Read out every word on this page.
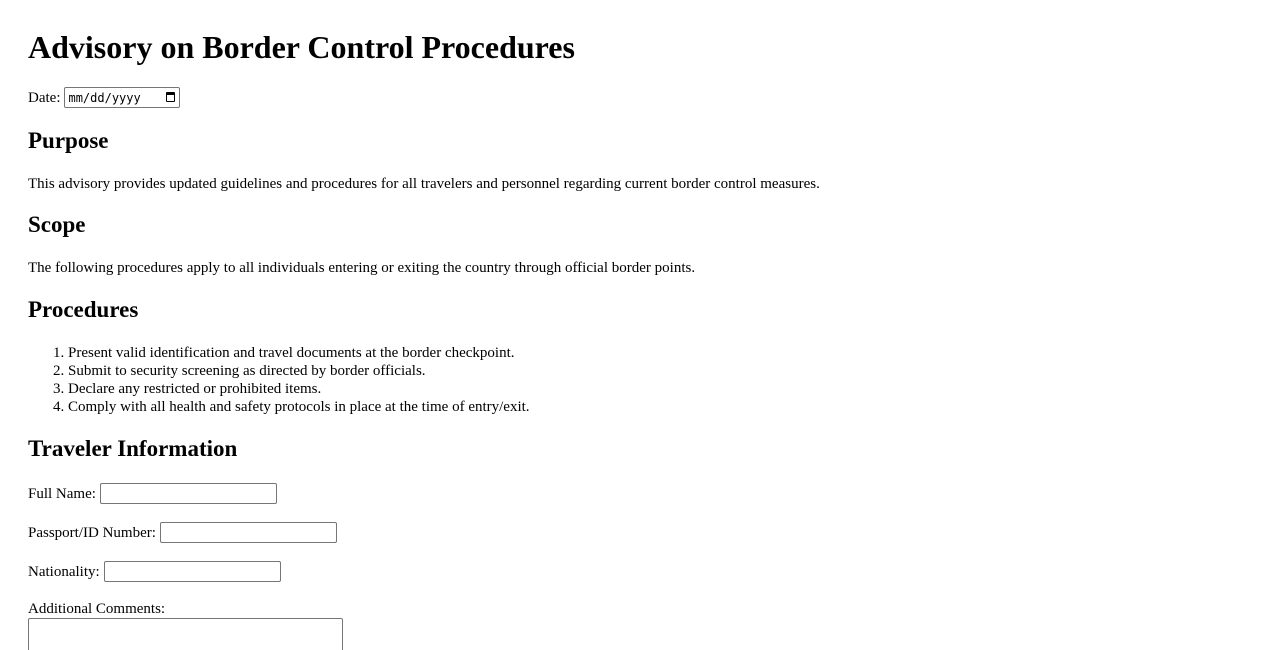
Advisory on Border Control Procedures
Date: mm/dd/yyyy
Purpose

This advisory provides updated guidelines and procedures for all travelers and personnel regarding current border control measures.

Scope

The following procedures apply to all individuals entering or exiting the country through official border points.

Procedures
1. Present valid identification and travel documents at the border checkpoint.
2. Submit to security screening as directed by border officials.
3. Declare any restricted or prohibited items.
4. Comply with all health and safety protocols in place at the time of entry/exit.
Traveler Information
Full Name:
Passport/ID Number:
Nationality:

Additional Comments:
